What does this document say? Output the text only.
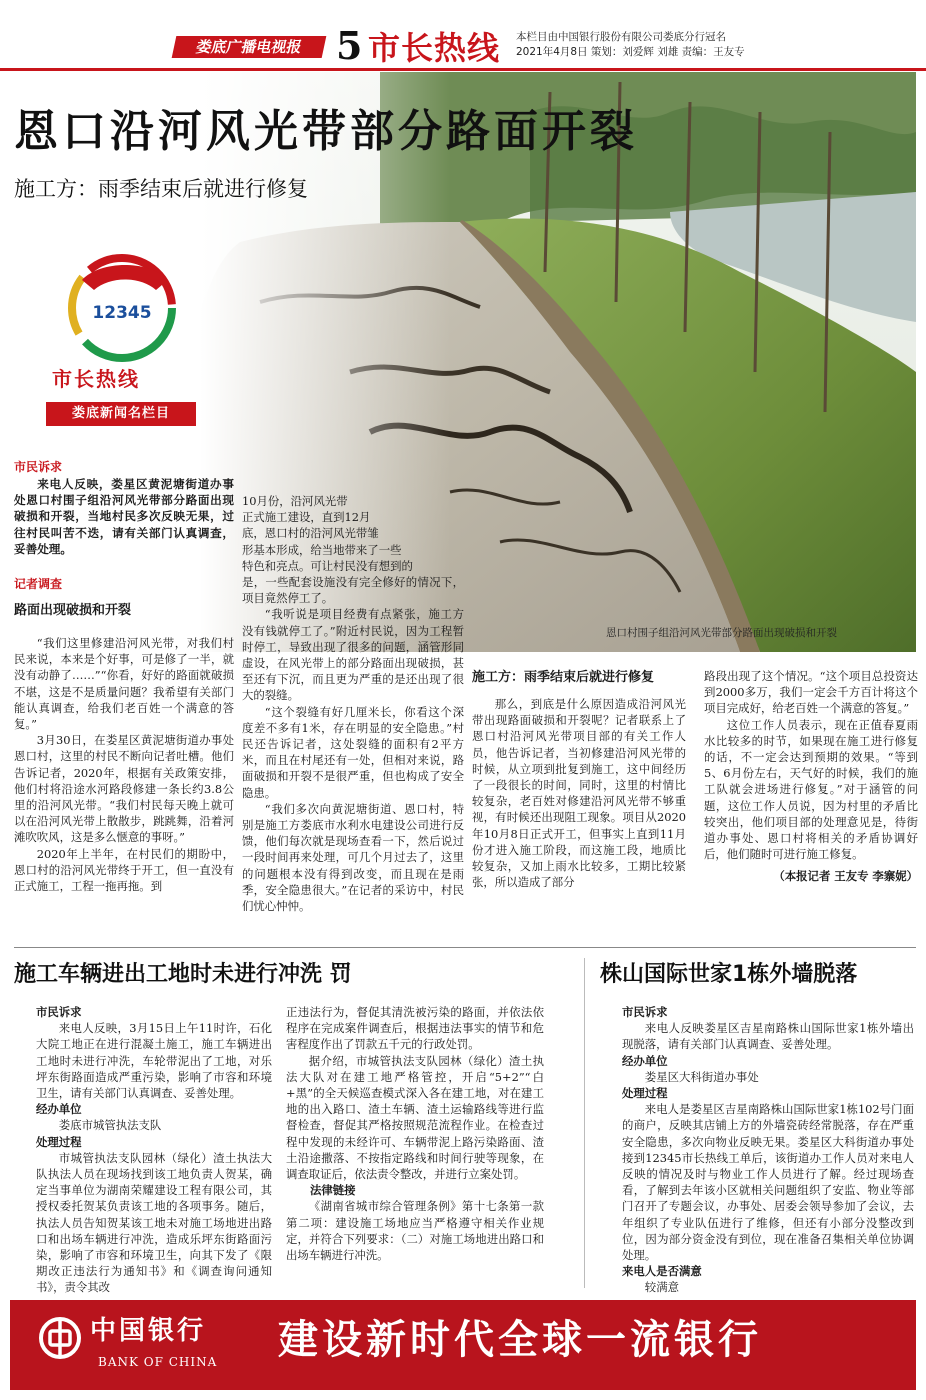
娄底广播电视报 5 市长热线 本栏目由中国银行股份有限公司娄底分行冠名
2021年4月8日 策划：刘爱辉 刘雄 责编：王友专
恩口沿河风光带部分路面开裂
施工方：雨季结束后就进行修复
12345
市长热线
娄底新闻名栏目
恩口村围子组沿河风光带部分路面出现破损和开裂
市民诉求
来电人反映，娄星区黄泥塘街道办事处恩口村围子组沿河风光带部分路面出现破损和开裂，当地村民多次反映无果，过往村民叫苦不迭，请有关部门认真调查，妥善处理。
记者调查
路面出现破损和开裂

“我们这里修建沿河风光带，对我们村民来说，本来是个好事，可是修了一半，就没有动静了……”“你看，好好的路面就破损不堪，这是不是质量问题？我希望有关部门能认真调查，给我们老百姓一个满意的答复。”

3月30日，在娄星区黄泥塘街道办事处恩口村，这里的村民不断向记者吐槽。他们告诉记者，2020年，根据有关政策安排，他们村将沿途水河路段修建一条长约3.8公里的沿河风光带。“我们村民每天晚上就可以在沿河风光带上散散步，跳跳舞，沿着河滩吹吹风，这是多么惬意的事呀。”

2020年上半年，在村民们的期盼中，恩口村的沿河风光带终于开工，但一直没有正式施工，工程一拖再拖。到

10月份，沿河风光带
正式施工建设，直到12月
底，恩口村的沿河风光带雏
形基本形成，给当地带来了一些
特色和亮点。可让村民没有想到的

是，一些配套设施没有完全修好的情况下，项目竟然停工了。

“我听说是项目经费有点紧张，施工方没有钱就停工了。”附近村民说，因为工程暂时停工，导致出现了很多的问题，涵管形同虚设，在风光带上的部分路面出现破损，甚至还有下沉，而且更为严重的是还出现了很大的裂缝。

“这个裂缝有好几厘米长，你看这个深度差不多有1米，存在明显的安全隐患。”村民还告诉记者，这处裂缝的面积有2平方米，而且在村尾还有一处，但相对来说，路面破损和开裂不是很严重，但也构成了安全隐患。

“我们多次向黄泥塘街道、恩口村，特别是施工方娄底市水利水电建设公司进行反馈，他们每次就是现场查看一下，然后说过一段时间再来处理，可几个月过去了，这里的问题根本没有得到改变，而且现在是雨季，安全隐患很大。”在记者的采访中，村民们忧心忡忡。

施工方：雨季结束后就进行修复

那么，到底是什么原因造成沿河风光带出现路面破损和开裂呢？记者联系上了恩口村沿河风光带项目部的有关工作人员，他告诉记者，当初修建沿河风光带的时候，从立项到批复到施工，这中间经历了一段很长的时间，同时，这里的村情比较复杂，老百姓对修建沿河风光带不够重视，有时候还出现阻工现象。项目从2020年10月8日正式开工，但事实上直到11月份才进入施工阶段，而这施工段，地质比较复杂，又加上雨水比较多，工期比较紧张，所以造成了部分

路段出现了这个情况。“这个项目总投资达到2000多万，我们一定会千方百计将这个项目完成好，给老百姓一个满意的答复。”

这位工作人员表示，现在正值春夏雨水比较多的时节，如果现在施工进行修复的话，不一定会达到预期的效果。“等到5、6月份左右，天气好的时候，我们的施工队就会进场进行修复。”对于涵管的问题，这位工作人员说，因为村里的矛盾比较突出，他们项目部的处理意见是，待街道办事处、恩口村将相关的矛盾协调好后，他们随时可进行施工修复。

（本报记者 王友专 李寨妮）
施工车辆进出工地时未进行冲洗 罚
市民诉求

来电人反映，3月15日上午11时许，石化大院工地正在进行混凝土施工，施工车辆进出工地时未进行冲洗，车轮带泥出了工地，对乐坪东街路面造成严重污染，影响了市容和环境卫生，请有关部门认真调查、妥善处理。

经办单位

娄底市城管执法支队

处理过程

市城管执法支队园林（绿化）渣土执法大队执法人员在现场找到该工地负责人贺某，确定当事单位为湖南荣耀建设工程有限公司，其授权委托贺某负责该工地的各项事务。随后，执法人员告知贺某该工地未对施工场地进出路口和出场车辆进行冲洗，造成乐坪东街路面污染，影响了市容和环境卫生，向其下发了《限期改正违法行为通知书》和《调查询问通知书》，责令其改

正违法行为，督促其清洗被污染的路面，并依法依程序在完成案件调查后，根据违法事实的情节和危害程度作出了罚款五千元的行政处罚。

据介绍，市城管执法支队园林（绿化）渣土执法大队对在建工地严格管控，开启“5+2”“白+黑”的全天候巡查模式深入各在建工地，对在建工地的出入路口、渣土车辆、渣土运输路线等进行监督检查，督促其严格按照规范流程作业。在检查过程中发现的未经许可、车辆带泥上路污染路面、渣土沿途撒落、不按指定路线和时间行驶等现象，在调查取证后，依法责令整改，并进行立案处罚。

法律链接

《湖南省城市综合管理条例》第十七条第一款第二项：建设施工场地应当严格遵守相关作业规定，并符合下列要求：（二）对施工场地进出路口和出场车辆进行冲洗。

株山国际世家1栋外墙脱落
市民诉求

来电人反映娄星区吉星南路株山国际世家1栋外墙出现脱落，请有关部门认真调查、妥善处理。

经办单位

娄星区大科街道办事处

处理过程

来电人是娄星区吉星南路株山国际世家1栋102号门面的商户，反映其店铺上方的外墙瓷砖经常脱落，存在严重安全隐患，多次向物业反映无果。娄星区大科街道办事处接到12345市长热线工单后，该街道办工作人员对来电人反映的情况及时与物业工作人员进行了解。经过现场查看，了解到去年该小区就相关问题组织了安监、物业等部门召开了专题会议，办事处、居委会领导参加了会议，去年组织了专业队伍进行了维修，但还有小部分没整改到位，因为部分资金没有到位，现在准备召集相关单位协调处理。

来电人是否满意

较满意

中国银行
BANK OF CHINA 建设新时代全球一流银行
